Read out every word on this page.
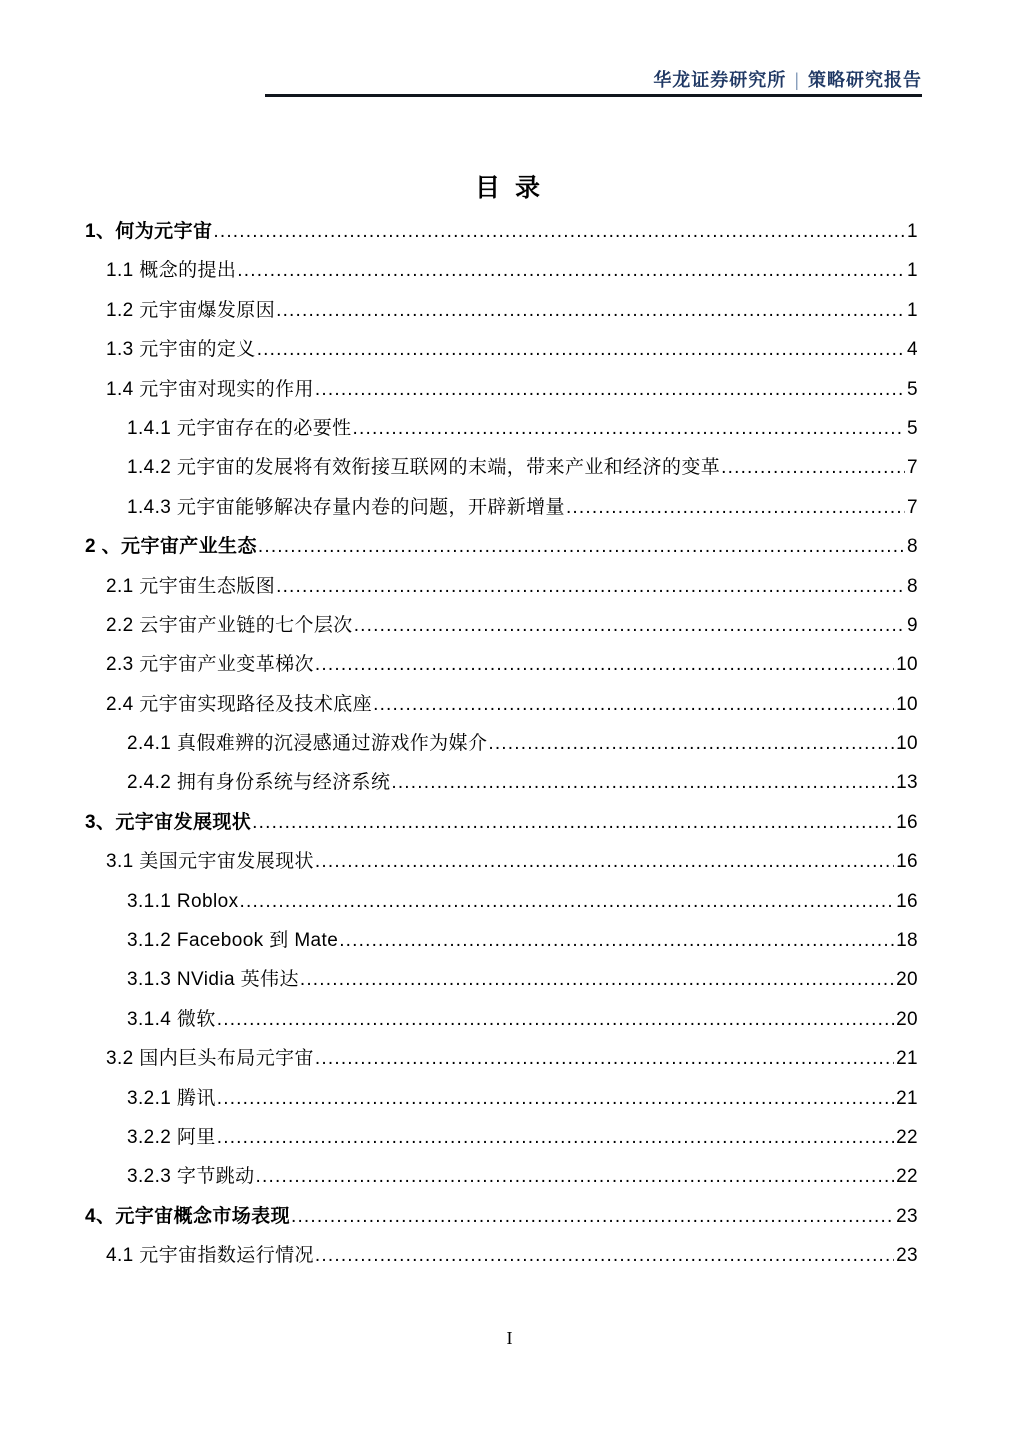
华龙证券研究所 | 策略研究报告
目 录
1、何为元宇宙 .....	1
1.1 概念的提出 .....	1
1.2 元宇宙爆发原因 .....	1
1.3 元宇宙的定义 .....	4
1.4 元宇宙对现实的作用 .....	5
1.4.1 元宇宙存在的必要性 .....	5
1.4.2 元宇宙的发展将有效衔接互联网的末端，带来产业和经济的变革 .....	7
1.4.3 元宇宙能够解决存量内卷的问题，开辟新增量 .....	7
2 、元宇宙产业生态 .....	8
2.1 元宇宙生态版图 .....	8
2.2 云宇宙产业链的七个层次 .....	9
2.3 元宇宙产业变革梯次 .....	10
2.4 元宇宙实现路径及技术底座 .....	10
2.4.1 真假难辨的沉浸感通过游戏作为媒介 .....	10
2.4.2 拥有身份系统与经济系统 .....	13
3、元宇宙发展现状 .....	16
3.1 美国元宇宙发展现状 .....	16
3.1.1 Roblox .....	16
3.1.2 Facebook 到 Mate .....	18
3.1.3 NVidia 英伟达 .....	20
3.1.4 微软 .....	20
3.2 国内巨头布局元宇宙 .....	21
3.2.1 腾讯 .....	21
3.2.2 阿里 .....	22
3.2.3 字节跳动 .....	22
4、元宇宙概念市场表现 .....	23
4.1 元宇宙指数运行情况 .....	23
I
